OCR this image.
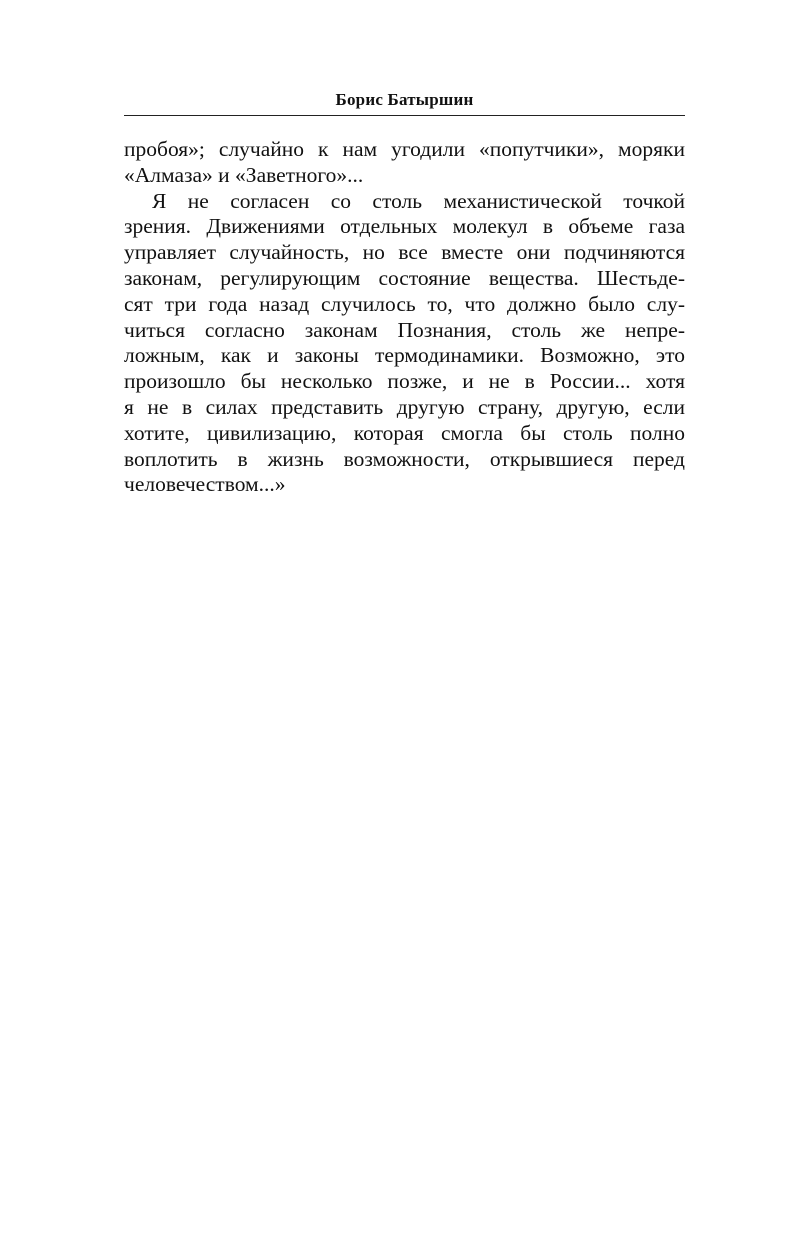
Борис Батыршин
пробоя»; случайно к нам угодили «попутчики», моряки
«Алмаза» и «Заветного»...
Я не согласен со столь механистической точкой
зрения. Движениями отдельных молекул в объеме газа
управляет случайность, но все вместе они подчиняются
законам, регулирующим состояние вещества. Шестьде-
сят три года назад случилось то, что должно было слу-
читься согласно законам Познания, столь же непре-
ложным, как и законы термодинамики. Возможно, это
произошло бы несколько позже, и не в России... хотя
я не в силах представить другую страну, другую, если
хотите, цивилизацию, которая смогла бы столь полно
воплотить в жизнь возможности, открывшиеся перед
человечеством...»
